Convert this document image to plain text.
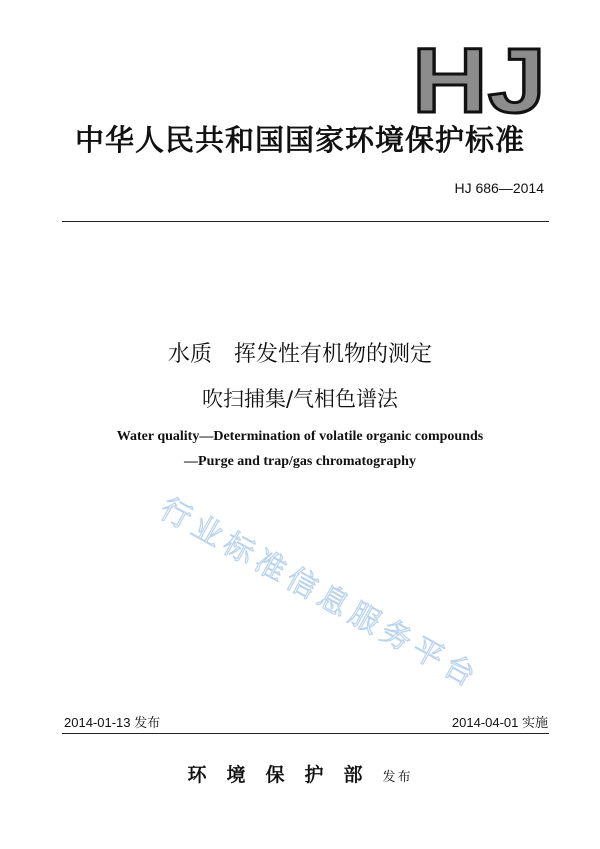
HJ
中华人民共和国国家环境保护标准
HJ 686—2014
水质　挥发性有机物的测定
吹扫捕集/气相色谱法
Water quality—Determination of volatile organic compounds
—Purge and trap/gas chromatography
行业标准信息服务平台
2014-01-13 发布	2014-04-01 实施
环境保护部发布
